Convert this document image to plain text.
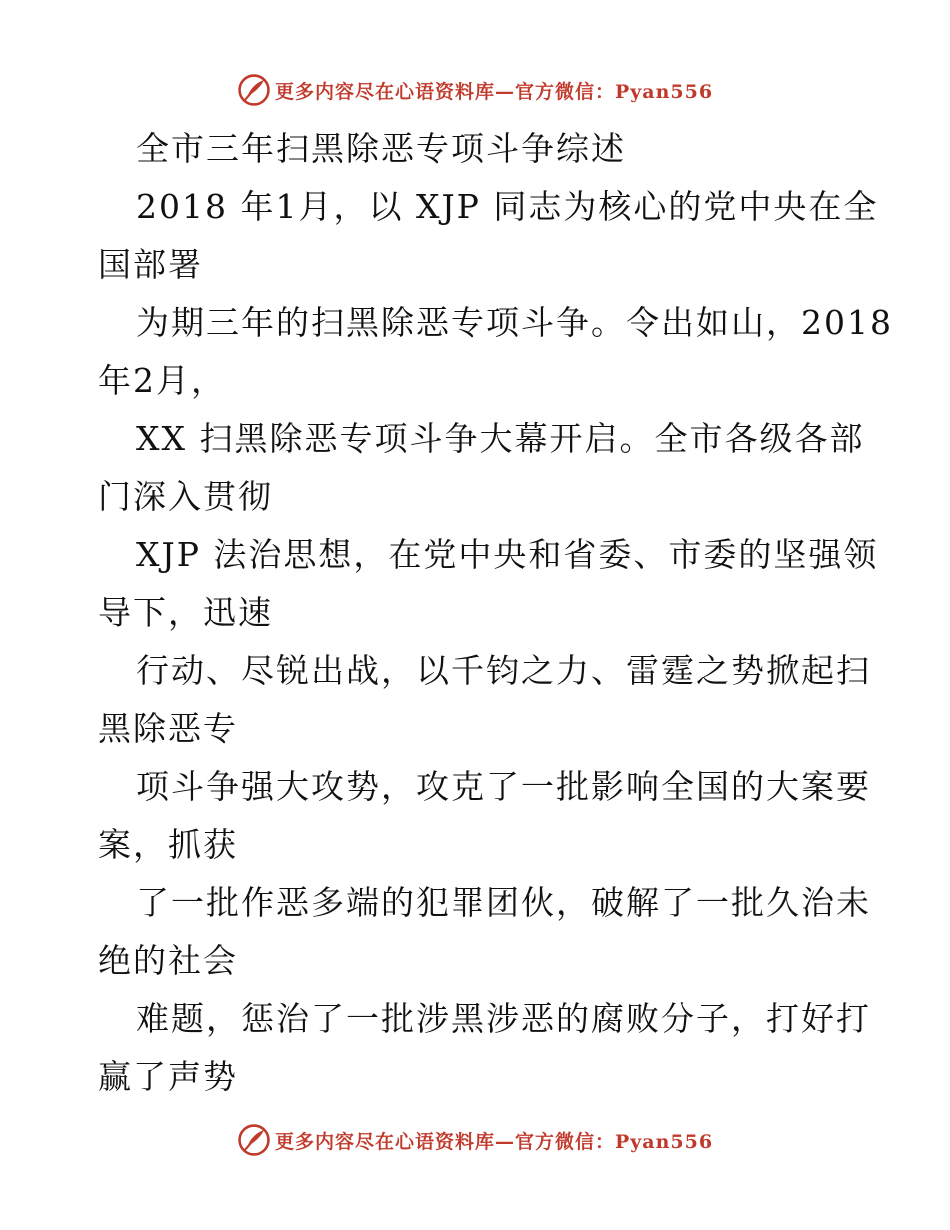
更多内容尽在心语资料库—官方微信：Pyan556
全市三年扫黑除恶专项斗争综述
2018 年1月，以 XJP 同志为核心的党中央在全
国部署
为期三年的扫黑除恶专项斗争。令出如山，2018
年2月，
XX 扫黑除恶专项斗争大幕开启。全市各级各部
门深入贯彻
XJP 法治思想，在党中央和省委、市委的坚强领
导下，迅速
行动、尽锐出战，以千钧之力、雷霆之势掀起扫
黑除恶专
项斗争强大攻势，攻克了一批影响全国的大案要
案，抓获
了一批作恶多端的犯罪团伙，破解了一批久治未
绝的社会
难题，惩治了一批涉黑涉恶的腐败分子，打好打
赢了声势
更多内容尽在心语资料库—官方微信：Pyan556
